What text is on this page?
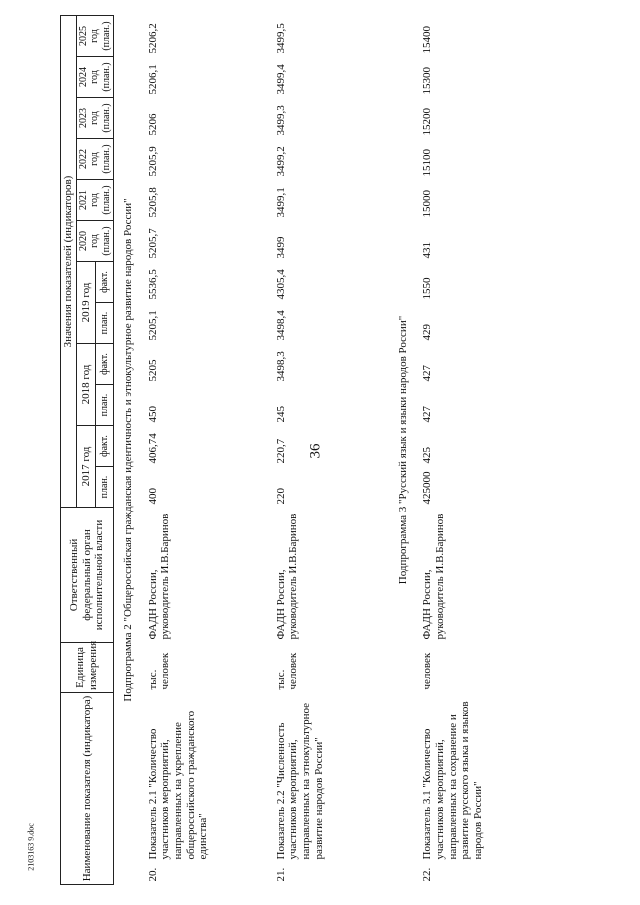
36
2103163 9.doc	Наименование показателя (индикатора)		Единица измерения	Ответственный федеральный орган исполнительной власти	Значения показателей (индикаторов)											
				2017 год		2018 год		2019 год		2020 год (план.)	2021 год (план.)	2022 год (план.)	2023 год (план.)	2024 год (план.)	2025 год (план.)
				план.	факт.	план.	факт.	план.	факт.						
Подпрограмма 2 "Общероссийская гражданская идентичность и этнокультурное развитие народов России"															
20.	Показатель 2.1 "Количество участников мероприятий, направленных на укрепление общероссийского гражданского единства"	тыс. человек	ФАДН России, руководитель И.В.Баринов	400	406,74	450	5205	5205,1	5536,5	5205,7	5205,8	5205,9	5206	5206,1	5206,2
21.	Показатель 2.2 "Численность участников мероприятий, направленных на этнокультурное развитие народов России"	тыс. человек	ФАДН России, руководитель И.В.Баринов	220	220,7	245	3498,3	3498,4	4305,4	3499	3499,1	3499,2	3499,3	3499,4	3499,5
Подпрограмма 3 "Русский язык и языки народов России"															
22.	Показатель 3.1 "Количество участников мероприятий, направленных на сохранение и развитие русского языка и языков народов России"	человек	ФАДН России, руководитель И.В.Баринов	425000	425	427	427	429	1550	431	15000	15100	15200	15300	15400
